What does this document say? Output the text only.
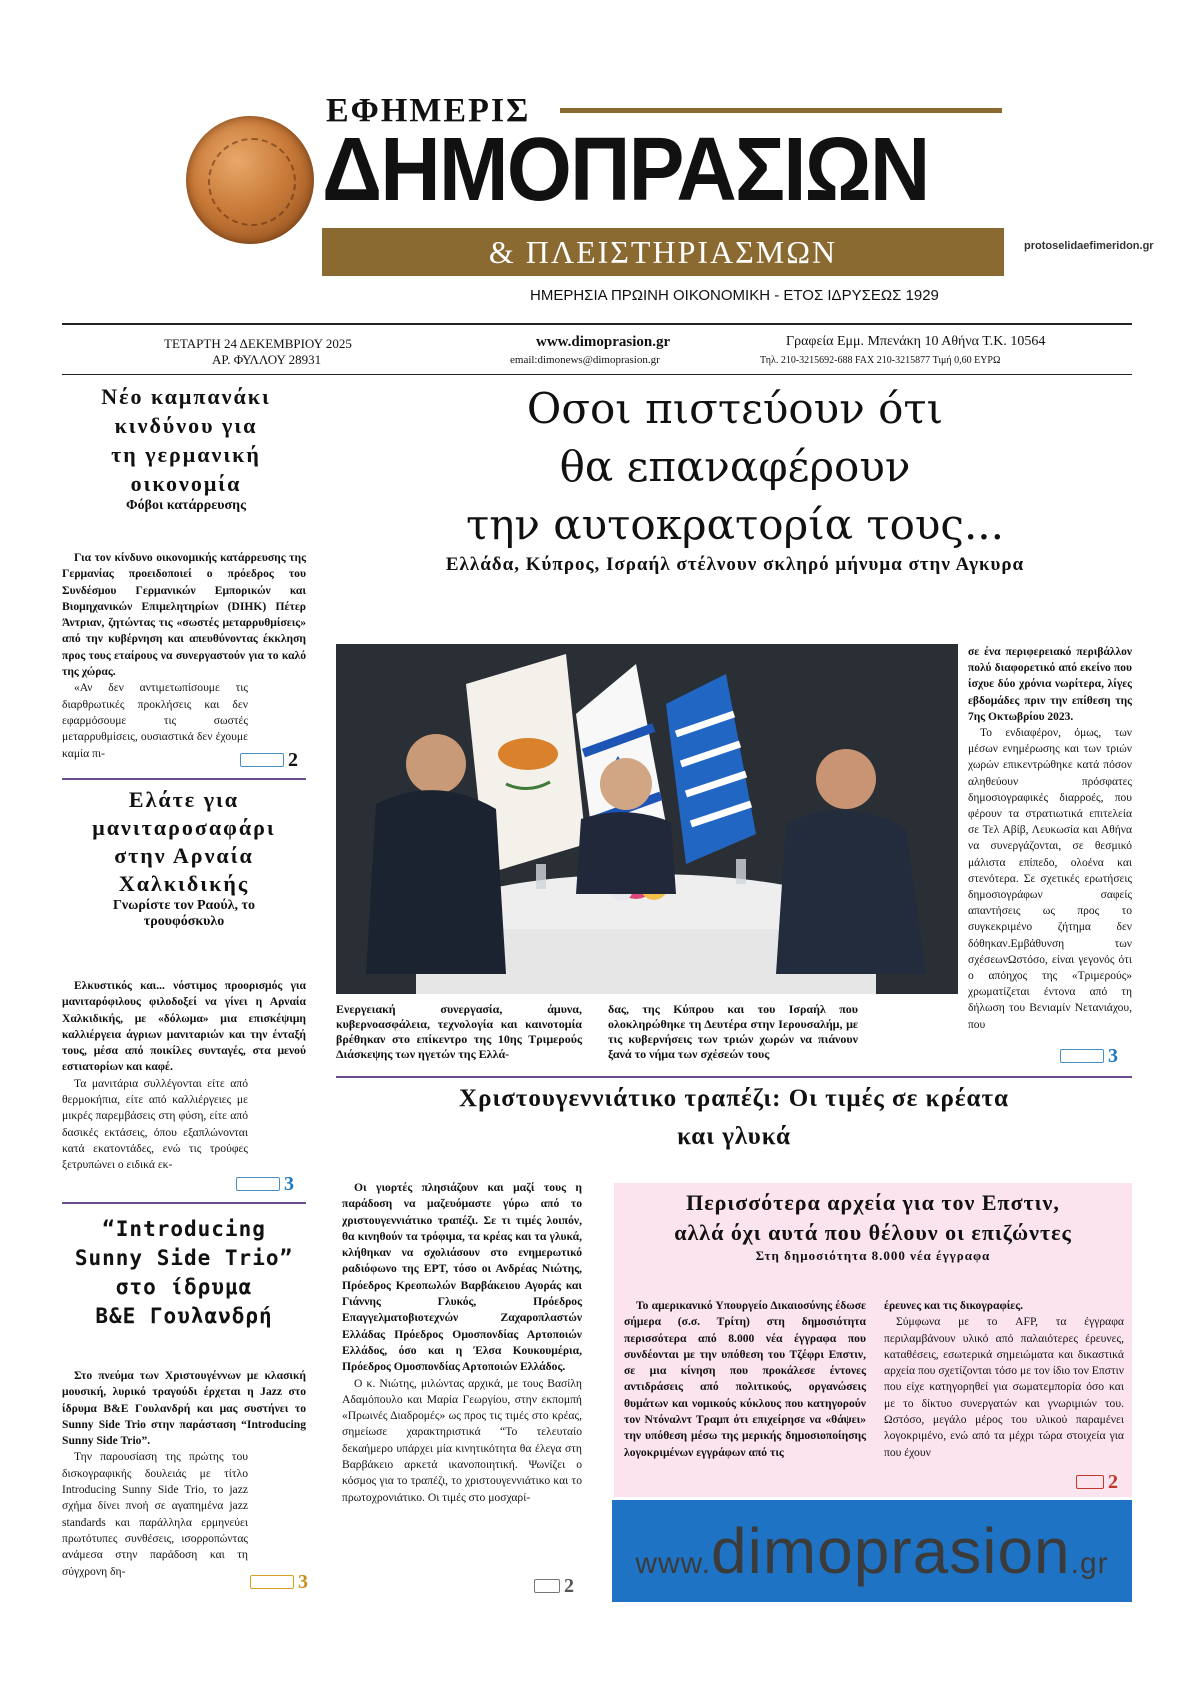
ΕΦΗΜΕΡΙΣ
ΔΗΜΟΠΡΑΣΙΩΝ
& ΠΛΕΙΣΤΗΡΙΑΣΜΩΝ
ΗΜΕΡΗΣΙΑ ΠΡΩΙΝΗ ΟΙΚΟΝΟΜΙΚΗ - ΕΤΟΣ ΙΔΡΥΣΕΩΣ 1929
protoselidaefimeridon.gr
ΤΕΤΑΡΤΗ 24 ΔΕΚΕΜΒΡΙΟΥ 2025
ΑΡ. ΦΥΛΛΟΥ 28931
www.dimoprasion.gr
email:dimonews@dimoprasion.gr
Γραφεία Εμμ. Μπενάκη 10 Αθήνα Τ.Κ. 10564
Τηλ. 210-3215692-688 FAX 210-3215877 Τιμή 0,60 ΕΥΡΩ
Νέο καμπανάκι
κινδύνου για
τη γερμανική
οικονομία
Φόβοι κατάρρευσης

Για τον κίνδυνο οικονομικής κατάρρευσης της Γερμανίας προειδοποιεί ο πρόεδρος του Συνδέσμου Γερμανικών Εμπορικών και Βιομηχανικών Επιμελητηρίων (DIHK) Πέτερ Άντριαν, ζητώντας τις «σωστές μεταρρυθμίσεις» από την κυβέρνηση και απευθύνοντας έκκληση προς τους εταίρους να συνεργαστούν για το καλό της χώρας.

«Αν δεν αντιμετωπίσουμε τις διαρθρωτικές προκλήσεις και δεν εφαρμόσουμε τις σωστές μεταρρυθμίσεις, ουσιαστικά δεν έχουμε καμία πι-	2
Ελάτε για
μανιταροσαφάρι
στην Αρναία
Χαλκιδικής
Γνωρίστε τον Ραούλ, το τρουφόσκυλο

Ελκυστικός και... νόστιμος προορισμός για μανιταρόφιλους φιλοδοξεί να γίνει η Αρναία Χαλκιδικής, με «δόλωμα» μια επισκέψιμη καλλιέργεια άγριων μανιταριών και την ένταξή τους, μέσα από ποικίλες συνταγές, στα μενού εστιατορίων και καφέ.

Τα μανιτάρια συλλέγονται είτε από θερμοκήπια, είτε από καλλιέργειες με μικρές παρεμβάσεις στη φύση, είτε από δασικές εκτάσεις, όπου εξαπλώνονται κατά εκατοντάδες, ενώ τις τρούφες ξετρυπώνει ο ειδικά εκ-

3
“Introducing
Sunny Side Trio”
στο ίδρυμα
Β&Ε Γουλανδρή

Στο πνεύμα των Χριστουγέννων με κλασική μουσική, λυρικό τραγούδι έρχεται η Jazz στο ίδρυμα Β&Ε Γουλανδρή και μας συστήνει το Sunny Side Trio στην παράσταση “Introducing Sunny Side Trio”.

Την παρουσίαση της πρώτης του δισκογραφικής δουλειάς με τίτλο Introducing Sunny Side Trio, το jazz σχήμα δίνει πνοή σε αγαπημένα jazz standards και παράλληλα ερμηνεύει πρωτότυπες συνθέσεις, ισορροπώντας ανάμεσα στην παράδοση και τη σύγχρονη δη-	3
Οσοι πιστεύουν ότι
θα επαναφέρουν
την αυτοκρατορία τους...
Ελλάδα, Κύπρος, Ισραήλ στέλνουν σκληρό μήνυμα στην Αγκυρα

σε ένα περιφερειακό περιβάλλον πολύ διαφορετικό από εκείνο που ίσχυε δύο χρόνια νωρίτερα, λίγες εβδομάδες πριν την επίθεση της 7ης Οκτωβρίου 2023.

Το ενδιαφέρον, όμως, των μέσων ενημέρωσης και των τριών χωρών επικεντρώθηκε κατά πόσον αληθεύουν πρόσφατες δημοσιογραφικές διαρροές, που φέρουν τα στρατιωτικά επιτελεία σε Τελ Αβίβ, Λευκωσία και Αθήνα να συνεργάζονται, σε θεσμικό μάλιστα επίπεδο, ολοένα και στενότερα. Σε σχετικές ερωτήσεις δημοσιογράφων σαφείς απαντήσεις ως προς το συγκεκριμένο ζήτημα δεν δόθηκαν.Εμβάθυνση των σχέσεωνΩστόσο, είναι γεγονός ότι ο απόηχος της «Τριμερούς» χρωματίζεται έντονα από τη δήλωση του Βενιαμίν Νετανιάχου, που

3
Ενεργειακή συνεργασία, άμυνα, κυβερνοασφάλεια, τεχνολογία και καινοτομία βρέθηκαν στο επίκεντρο της 10ης Τριμερούς Διάσκεψης των ηγετών της Ελλά-
δας, της Κύπρου και του Ισραήλ που ολοκληρώθηκε τη Δευτέρα στην Ιερουσαλήμ, με τις κυβερνήσεις των τριών χωρών να πιάνουν ξανά το νήμα των σχέσεών τους
Χριστουγεννιάτικο τραπέζι: Οι τιμές σε κρέατα
και γλυκά

Οι γιορτές πλησιάζουν και μαζί τους η παράδοση να μαζευόμαστε γύρω από το χριστουγεννιάτικο τραπέζι. Σε τι τιμές λοιπόν, θα κινηθούν τα τρόφιμα, τα κρέας και τα γλυκά, κλήθηκαν να σχολιάσουν στο ενημερωτικό ραδιόφωνο της ΕΡΤ, τόσο οι Ανδρέας Νιώτης, Πρόεδρος Κρεοπωλών Βαρβάκειου Αγοράς και Γιάννης Γλυκός, Πρόεδρος Επαγγελματοβιοτεχνών Ζαχαροπλαστών Ελλάδας Πρόεδρος Ομοσπονδίας Αρτοποιών Ελλάδος, όσο και η Έλσα Κουκουμέρια, Πρόεδρος Ομοσπονδίας Αρτοποιών Ελλάδος.

Ο κ. Νιώτης, μιλώντας αρχικά, με τους Βασίλη Αδαμόπουλο και Μαρία Γεωργίου, στην εκπομπή «Πρωινές Διαδρομές» ως προς τις τιμές στο κρέας, σημείωσε χαρακτηριστικά “Το τελευταίο δεκαήμερο υπάρχει μία κινητικότητα θα έλεγα στη Βαρβάκειο αρκετά ικανοποιητική. Ψωνίζει ο κόσμος για το τραπέζι, το χριστουγεννιάτικο και το πρωτοχρονιάτικο. Οι τιμές στο μοσχαρί-

2
Περισσότερα αρχεία για τον Επστιν,
αλλά όχι αυτά που θέλουν οι επιζώντες
Στη δημοσιότητα 8.000 νέα έγγραφα

Το αμερικανικό Υπουργείο Δικαιοσύνης έδωσε σήμερα (σ.σ. Τρίτη) στη δημοσιότητα περισσότερα από 8.000 νέα έγγραφα που συνδέονται με την υπόθεση του Τζέφρι Επστιν, σε μια κίνηση που προκάλεσε έντονες αντιδράσεις από πολιτικούς, οργανώσεις θυμάτων και νομικούς κύκλους που κατηγορούν τον Ντόναλντ Τραμπ ότι επιχείρησε να «θάψει» την υπόθεση μέσω της μερικής δημοσιοποίησης λογοκριμένων εγγράφων από τις

έρευνες και τις δικογραφίες.

Σύμφωνα με το AFP, τα έγγραφα περιλαμβάνουν υλικό από παλαιότερες έρευνες, καταθέσεις, εσωτερικά σημειώματα και δικαστικά αρχεία που σχετίζονται τόσο με τον ίδιο τον Επστιν που είχε κατηγορηθεί για σωματεμπορία όσο και με το δίκτυο συνεργατών και γνωριμιών του. Ωστόσο, μεγάλο μέρος του υλικού παραμένει λογοκριμένο, ενώ από τα μέχρι τώρα στοιχεία για που έχουν

2
www.dimoprasion.gr
